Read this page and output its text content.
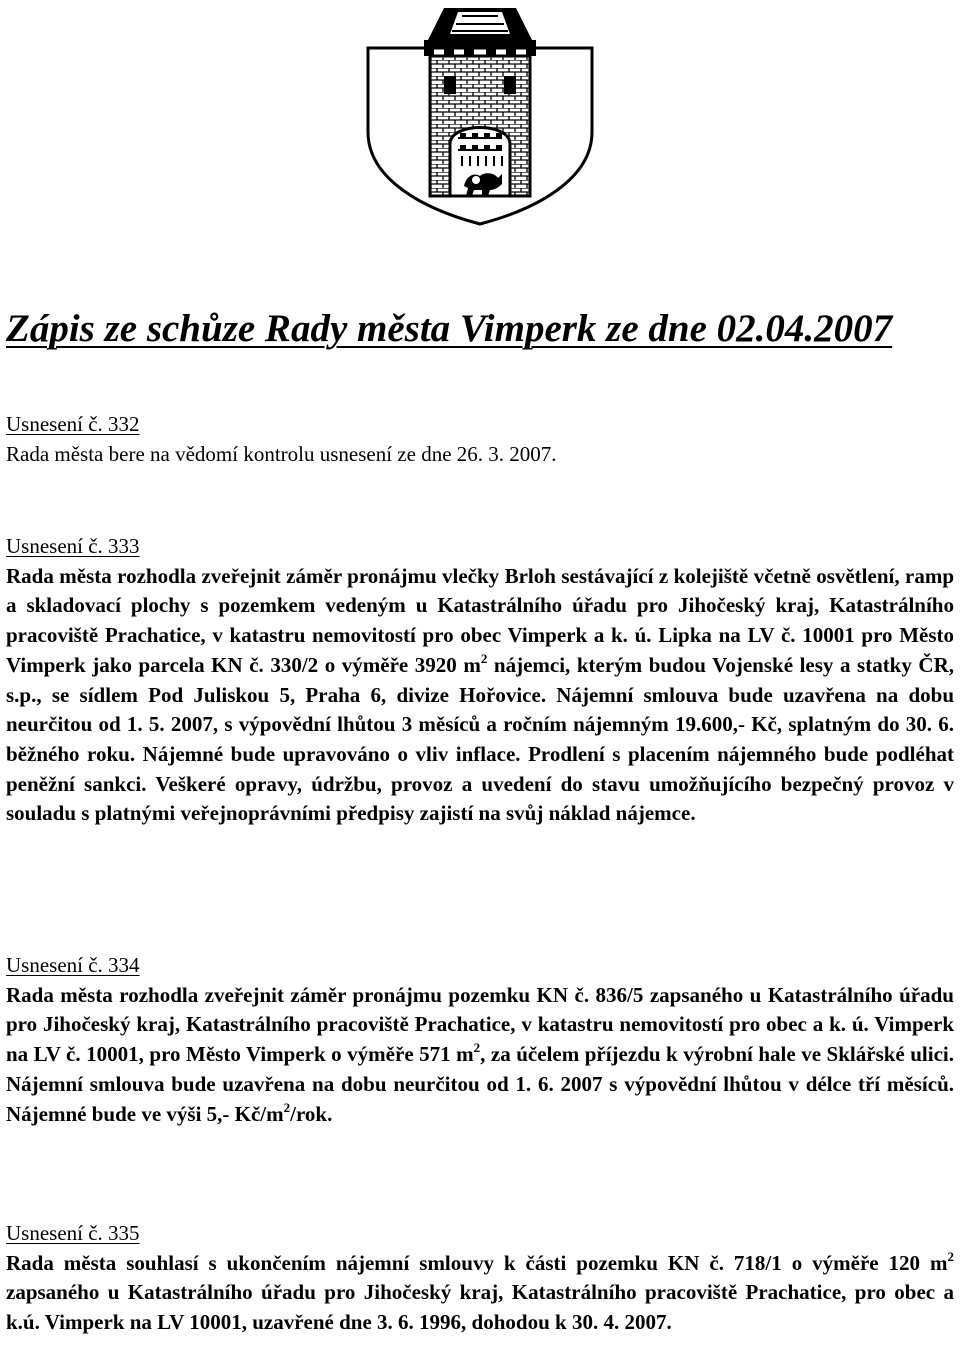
Zápis ze schůze Rady města Vimperk ze dne 02.04.2007
Usnesení č. 332
Rada města bere na vědomí kontrolu usnesení ze dne 26. 3. 2007.
Usnesení č. 333

Rada města rozhodla zveřejnit záměr pronájmu vlečky Brloh sestávající z kolejiště včetně osvětlení, ramp a skladovací plochy s pozemkem vedeným u Katastrálního úřadu pro Jihočeský kraj, Katastrálního pracoviště Prachatice, v katastru nemovitostí pro obec Vimperk a k. ú. Lipka na LV č. 10001 pro Město Vimperk jako parcela KN č. 330/2 o výměře 3920 $m^2$ nájemci, kterým budou Vojenské lesy a statky ČR, s.p., se sídlem Pod Juliskou 5, Praha 6, divize Hořovice. Nájemní smlouva bude uzavřena na dobu neurčitou od 1. 5. 2007, s výpovědní lhůtou 3 měsíců a ročním nájemným 19.600,- Kč, splatným do 30. 6. běžného roku. Nájemné bude upravováno o vliv inflace. Prodlení s placením nájemného bude podléhat peněžní sankci. Veškeré opravy, údržbu, provoz a uvedení do stavu umožňujícího bezpečný provoz v souladu s platnými veřejnoprávními předpisy zajistí na svůj náklad nájemce.

Usnesení č. 334

Rada města rozhodla zveřejnit záměr pronájmu pozemku KN č. 836/5 zapsaného u Katastrálního úřadu pro Jihočeský kraj, Katastrálního pracoviště Prachatice, v katastru nemovitostí pro obec a k. ú. Vimperk na LV č. 10001, pro Město Vimperk o výměře 571 $m^2$, za účelem příjezdu k výrobní hale ve Sklářské ulici. Nájemní smlouva bude uzavřena na dobu neurčitou od 1. 6. 2007 s výpovědní lhůtou v délce tří měsíců. Nájemné bude ve výši 5,- $Kč/m^2$/rok.

Usnesení č. 335

Rada města souhlasí s ukončením nájemní smlouvy k části pozemku KN č. 718/1 o výměře 120 $m^2$ zapsaného u Katastrálního úřadu pro Jihočeský kraj, Katastrálního pracoviště Prachatice, pro obec a k.ú. Vimperk na LV 10001, uzavřené dne 3. 6. 1996, dohodou k 30. 4. 2007.
